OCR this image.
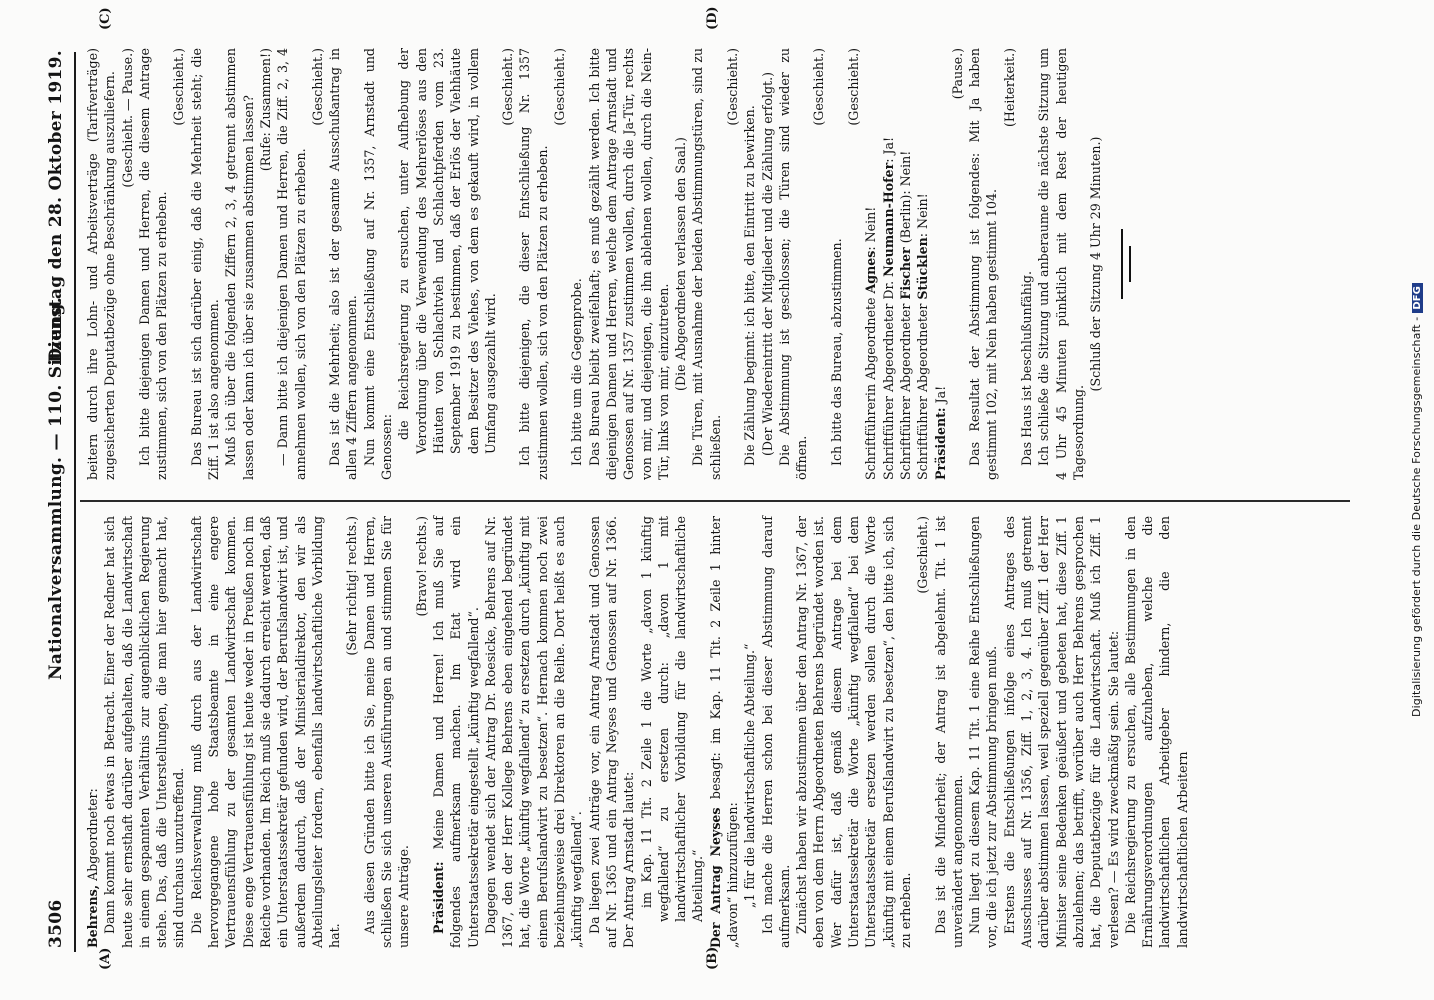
3506
Nationalversammlung. — 110. Sitzung.
Dienstag den 28. Oktober 1919.
(A)	(B)
(C)	(D)

Behrens, Abgeordneter: Dann kommt noch etwas in Betracht. Einer der Redner hat sich heute sehr ernsthaft darüber aufgehalten, daß die Landwirtschaft in einem gespannten Verhältnis zur augenblicklichen Regierung stehe. Das, daß die Unterstellungen, die man hier gemacht hat, sind durchaus unzutreffend. Die Reichsverwaltung muß durch aus der Landwirtschaft hervorgegangene hohe Staatsbeamte in eine engere Vertrauensfühlung zu der gesamten Landwirtschaft kommen. Diese enge Vertrauensfühlung ist heute weder in Preußen noch im Reiche vorhanden. Im Reich muß sie dadurch erreicht werden, daß ein Unterstaatssekretär gefunden wird, der Berufslandwirt ist, und außerdem dadurch, daß der Ministerialdirektor, den wir als Abteilungsleiter fordern, ebenfalls landwirtschaftliche Vorbildung hat.

(Sehr richtig! rechts.) Aus diesen Gründen bitte ich Sie, meine Damen und Herren, schließen Sie sich unseren Ausführungen an und stimmen Sie für unsere Anträge.

(Bravo! rechts.)

Präsident: Meine Damen und Herren! Ich muß Sie auf folgendes aufmerksam machen. Im Etat wird ein Unterstaatssekretär eingestellt „künftig wegfallend“. Dagegen wendet sich der Antrag Dr. Roesicke, Behrens auf Nr. 1367, den der Herr Kollege Behrens eben eingehend begründet hat, die Worte „künftig wegfallend“ zu ersetzen durch „künftig mit einem Berufslandwirt zu besetzen“. Hernach kommen noch zwei beziehungsweise drei Direktoren an die Reihe. Dort heißt es auch „künftig wegfallend“. Da liegen zwei Anträge vor, ein Antrag Arnstadt und Genossen auf Nr. 1365 und ein Antrag Neyses und Genossen auf Nr. 1366. Der Antrag Arnstadt lautet: im Kap. 11 Tit. 2 Zeile 1 die Worte „davon 1 künftig wegfallend“ zu ersetzen durch: „davon 1 mit landwirtschaftlicher Vorbildung für die landwirtschaftliche Abteilung.“ Der Antrag Neyses besagt: im Kap. 11 Tit. 2 Zeile 1 hinter „davon“ hinzuzufügen: „1 für die landwirtschaftliche Abteilung.“ Ich mache die Herren schon bei dieser Abstimmung darauf aufmerksam. Zunächst haben wir abzustimmen über den Antrag Nr. 1367, der eben von dem Herrn Abgeordneten Behrens begründet worden ist. Wer dafür ist, daß gemäß diesem Antrage bei dem Unterstaatssekretär die Worte „künftig wegfallend“ bei dem Unterstaatssekretär ersetzen werden sollen durch die Worte „künftig mit einem Berufslandwirt zu besetzen“, den bitte ich, sich zu erheben.

(Geschieht.) Das ist die Minderheit; der Antrag ist abgelehnt. Tit. 1 ist unverändert angenommen. Nun liegt zu diesem Kap. 11 Tit. 1 eine Reihe Entschließungen vor, die ich jetzt zur Abstimmung bringen muß. Erstens die Entschließungen infolge eines Antrages des Ausschusses auf Nr. 1356, Ziff. 1, 2, 3, 4. Ich muß getrennt darüber abstimmen lassen, weil speziell gegenüber Ziff. 1 der Herr Minister seine Bedenken geäußert und gebeten hat, diese Ziff. 1 abzulehnen; das betrifft, worüber auch Herr Behrens gesprochen hat, die Deputatbezüge für die Landwirtschaft. Muß ich Ziff. 1 verlesen? — Es wird zweckmäßig sein. Sie lautet: Die Reichsregierung zu ersuchen, alle Bestimmungen in den Ernährungsverordnungen aufzuheben, welche die landwirtschaftlichen Arbeitgeber hindern, die den landwirtschaftlichen Arbeitern

beitern durch ihre Lohn- und Arbeitsverträge (Tarifverträge) zugesicherten Deputatbezüge ohne Beschränkung auszuliefern. (Geschieht. — Pause.) Ich bitte diejenigen Damen und Herren, die diesem Antrage zustimmen, sich von den Plätzen zu erheben.

(Geschieht.) Das Bureau ist sich darüber einig, daß die Mehrheit steht; die Ziff. 1 ist also angenommen. Muß ich über die folgenden Ziffern 2, 3, 4 getrennt abstimmen lassen oder kann ich über sie zusammen abstimmen lassen? (Rufe: Zusammen!) — Dann bitte ich diejenigen Damen und Herren, die Ziff. 2, 3, 4 annehmen wollen, sich von den Plätzen zu erheben.

(Geschieht.) Das ist die Mehrheit; also ist der gesamte Ausschußantrag in allen 4 Ziffern angenommen. Nun kommt eine Entschließung auf Nr. 1357, Arnstadt und Genossen:

die Reichsregierung zu ersuchen, unter Aufhebung der Verordnung über die Verwendung des Mehrerlöses aus den Häuten von Schlachtvieh und Schlachtpferden vom 23. September 1919 zu bestimmen, daß der Erlös der Viehhäute dem Besitzer des Viehes, von dem es gekauft wird, in vollem Umfang ausgezahlt wird.

(Geschieht.) Ich bitte diejenigen, die dieser Entschließung Nr. 1357 zustimmen wollen, sich von den Plätzen zu erheben.

(Geschieht.)

Ich bitte um die Gegenprobe. Das Bureau bleibt zweifelhaft; es muß gezählt werden. Ich bitte diejenigen Damen und Herren, welche dem Antrage Arnstadt und Genossen auf Nr. 1357 zustimmen wollen, durch die Ja-Tür, rechts von mir, und diejenigen, die ihn ablehnen wollen, durch die Nein-Tür, links von mir, einzutreten. (Die Abgeordneten verlassen den Saal.) Die Türen, mit Ausnahme der beiden Abstimmungstüren, sind zu schließen.

(Geschieht.)

Die Zählung beginnt: ich bitte, den Eintritt zu bewirken. (Der Wiedereintritt der Mitglieder und die Zählung erfolgt.) Die Abstimmung ist geschlossen; die Türen sind wieder zu öffnen.

(Geschieht.)

Ich bitte das Bureau, abzustimmen.

(Geschieht.)

Schriftführerin Abgeordnete Agnes: Nein!

Schriftführer Abgeordneter Dr. Neumann-Hofer: Ja!

Schriftführer Abgeordneter Fischer (Berlin): Nein!

Schriftführer Abgeordneter Stücklen: Nein!

Präsident: Ja!

(Pause.) Das Resultat der Abstimmung ist folgendes: Mit Ja haben gestimmt 102, mit Nein haben gestimmt 104.

(Heiterkeit.)

Das Haus ist beschlußunfähig. Ich schließe die Sitzung und anberaume die nächste Sitzung um 4 Uhr 45 Minuten pünktlich mit dem Rest der heutigen Tagesordnung.

(Schluß der Sitzung 4 Uhr 29 Minuten.)

Digitalisierung gefördert durch die Deutsche Forschungsgemeinschaft -DFG
